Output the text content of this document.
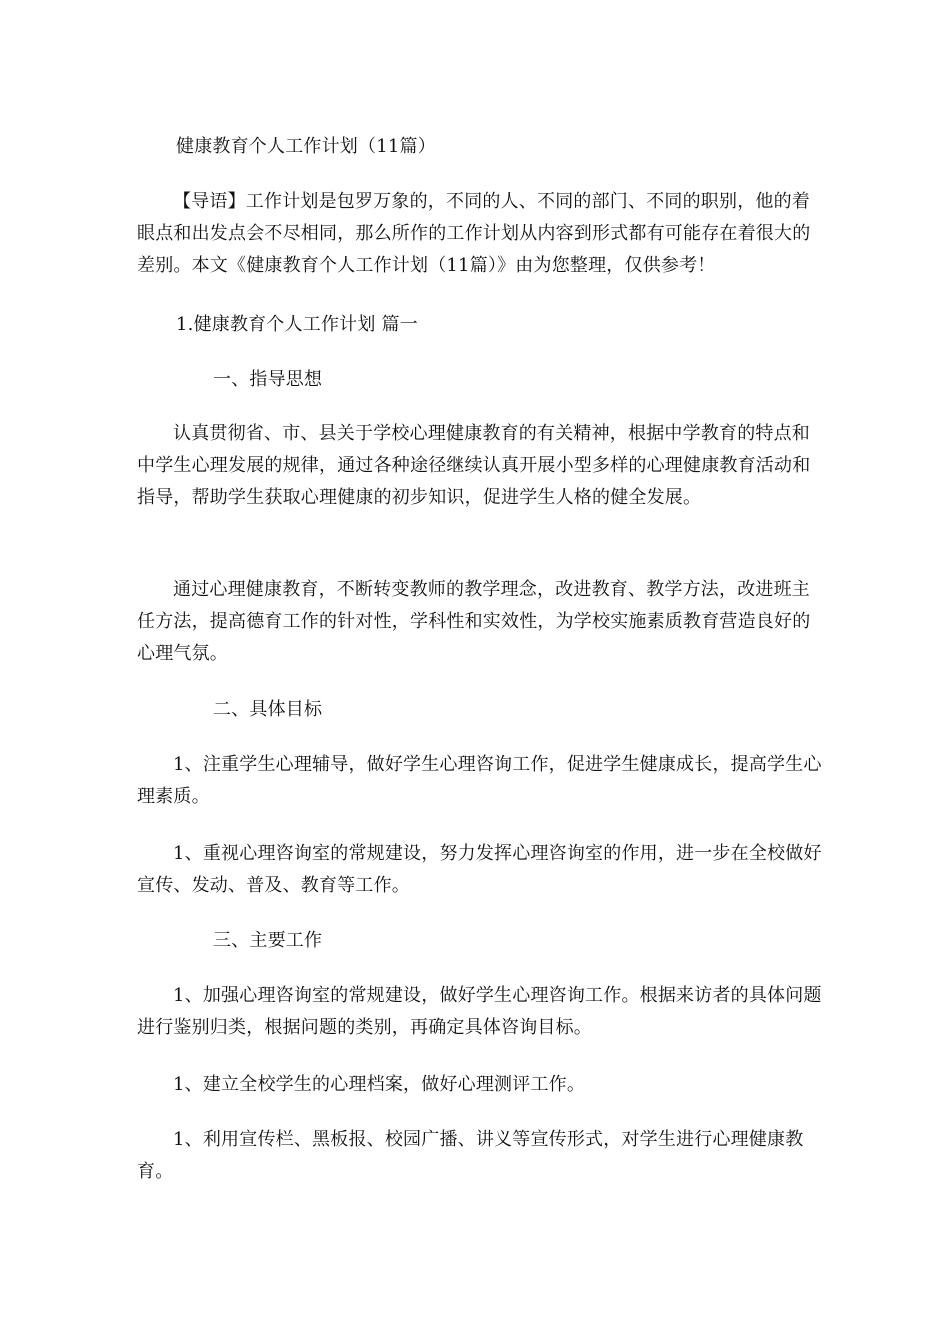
健康教育个人工作计划（11篇）

【导语】工作计划是包罗万象的，不同的人、不同的部门、不同的职别，他的着眼点和出发点会不尽相同，那么所作的工作计划从内容到形式都有可能存在着很大的差别。本文《健康教育个人工作计划（11篇）》由为您整理，仅供参考！

1.健康教育个人工作计划 篇一
一、指导思想

认真贯彻省、市、县关于学校心理健康教育的有关精神，根据中学教育的特点和中学生心理发展的规律，通过各种途径继续认真开展小型多样的心理健康教育活动和指导，帮助学生获取心理健康的初步知识，促进学生人格的健全发展。

通过心理健康教育，不断转变教师的教学理念，改进教育、教学方法，改进班主任方法，提高德育工作的针对性，学科性和实效性，为学校实施素质教育营造良好的心理气氛。

二、具体目标

1、注重学生心理辅导，做好学生心理咨询工作，促进学生健康成长，提高学生心理素质。

1、重视心理咨询室的常规建设，努力发挥心理咨询室的作用，进一步在全校做好宣传、发动、普及、教育等工作。

三、主要工作

1、加强心理咨询室的常规建设，做好学生心理咨询工作。根据来访者的具体问题进行鉴别归类，根据问题的类别，再确定具体咨询目标。

1、建立全校学生的心理档案，做好心理测评工作。

1、利用宣传栏、黑板报、校园广播、讲义等宣传形式，对学生进行心理健康教育。
